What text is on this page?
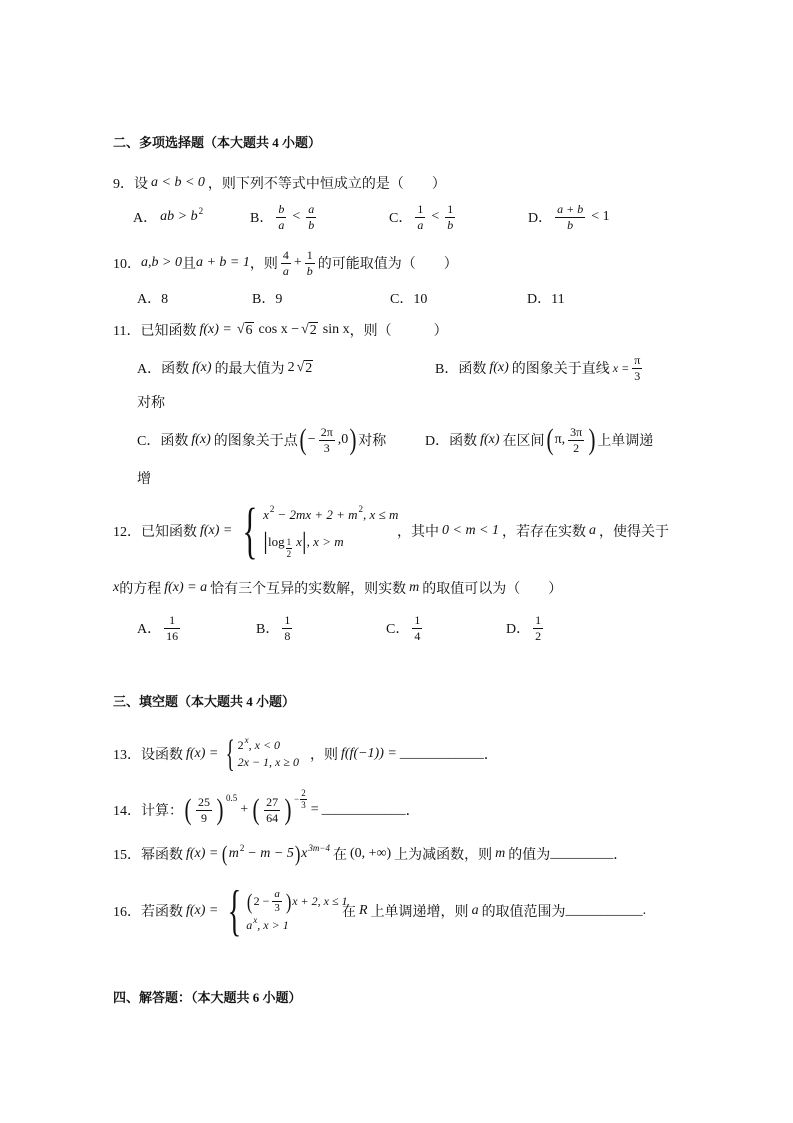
二、多项选择题（本大题共 4 小题）
9．设 a < b < 0 ，则下列不等式中恒成立的是（　　）
A． ab > b 2	B． $\frac{b}{a} < \frac{a}{b}$	C． $\frac{1}{a} < \frac{1}{b}$	D． $\frac{a + b}{b} < 1$
10． a,b > 0 且 a + b = 1 ，则 $\frac{4}{a} + \frac{1}{b}$ 的可能取值为（　　）
A．8	B．9	C．10	D．11
11．已知函数 f(x) = √ 6 cos x − √ 2 sin x ，则（　　　）
A．函数 f(x) 的最大值为 2 √ 2	B．函数 f(x) 的图象关于直线 $x = \frac{\pi}{3}$
对称
C．函数 f(x) 的图象关于点 ( − $\frac{2\pi}{3} ,0$ ) 对称	D．函数 f(x) 在区间 ( π, $\frac{3\pi}{2}$ ) 上单调递
增
12．已知函数 f(x) = { x 2 − 2mx + 2 + m 2 , x ≤ m
| $\log \frac{1}{2}$ x | , x > m
，其中 0 < m < 1 ，若存在实数 a ，使得关于
x 的方程 f(x) = a 恰有三个互异的实数解，则实数 m 的取值可以为（　　）
A． $\frac{1}{16}$	B． $\frac{1}{8}$	C． $\frac{1}{4}$	D． $\frac{1}{2}$
三、填空题（本大题共 4 小题）
13．设函数 f(x) = { 2 x , x < 0
2x − 1, x ≥ 0 ，则 f(f(−1)) = ____________ ．
14．计算： ( $\frac{25}{9}$ ) 0.5
+ ( $\frac{27}{64}$ ) − $\frac{2}{3}$ = ____________ ．
15．幂函数 f(x) = ( m 2 − m − 5 ) x 3m−4 在 (0, +∞) 上为减函数，则 m 的值为 _________ ．
16．若函数 f(x) = { ( $2 - \frac{a}{3}$ ) x + 2, x ≤ 1
a x , x > 1
在 R 上单调递增，则 a 的取值范围为 ___________ .
四、解答题：（本大题共 6 小题）
